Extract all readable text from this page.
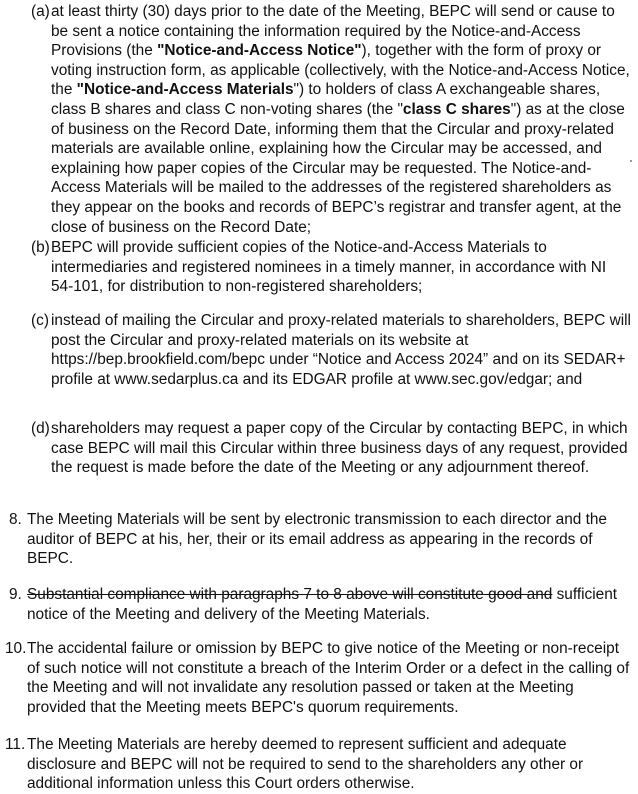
(a) at least thirty (30) days prior to the date of the Meeting, BEPC will send or cause to be sent a notice containing the information required by the Notice-and-Access Provisions (the "Notice-and-Access Notice"), together with the form of proxy or voting instruction form, as applicable (collectively, with the Notice-and-Access Notice, the "Notice-and-Access Materials") to holders of class A exchangeable shares, class B shares and class C non-voting shares (the "class C shares") as at the close of business on the Record Date, informing them that the Circular and proxy-related materials are available online, explaining how the Circular may be accessed, and explaining how paper copies of the Circular may be requested. The Notice-and-Access Materials will be mailed to the addresses of the registered shareholders as they appear on the books and records of BEPC’s registrar and transfer agent, at the close of business on the Record Date;
(b) BEPC will provide sufficient copies of the Notice-and-Access Materials to intermediaries and registered nominees in a timely manner, in accordance with NI 54-101, for distribution to non-registered shareholders;
(c) instead of mailing the Circular and proxy-related materials to shareholders, BEPC will post the Circular and proxy-related materials on its website at https://bep.brookfield.com/bepc under “Notice and Access 2024” and on its SEDAR+ profile at www.sedarplus.ca and its EDGAR profile at www.sec.gov/edgar; and
(d) shareholders may request a paper copy of the Circular by contacting BEPC, in which case BEPC will mail this Circular within three business days of any request, provided the request is made before the date of the Meeting or any adjournment thereof.
8. The Meeting Materials will be sent by electronic transmission to each director and the auditor of BEPC at his, her, their or its email address as appearing in the records of BEPC.
9. Substantial compliance with paragraphs 7 to 8 above will constitute good and sufficient notice of the Meeting and delivery of the Meeting Materials.
10. The accidental failure or omission by BEPC to give notice of the Meeting or non-receipt of such notice will not constitute a breach of the Interim Order or a defect in the calling of the Meeting and will not invalidate any resolution passed or taken at the Meeting provided that the Meeting meets BEPC's quorum requirements.
11. The Meeting Materials are hereby deemed to represent sufficient and adequate disclosure and BEPC will not be required to send to the shareholders any other or additional information unless this Court orders otherwise.
